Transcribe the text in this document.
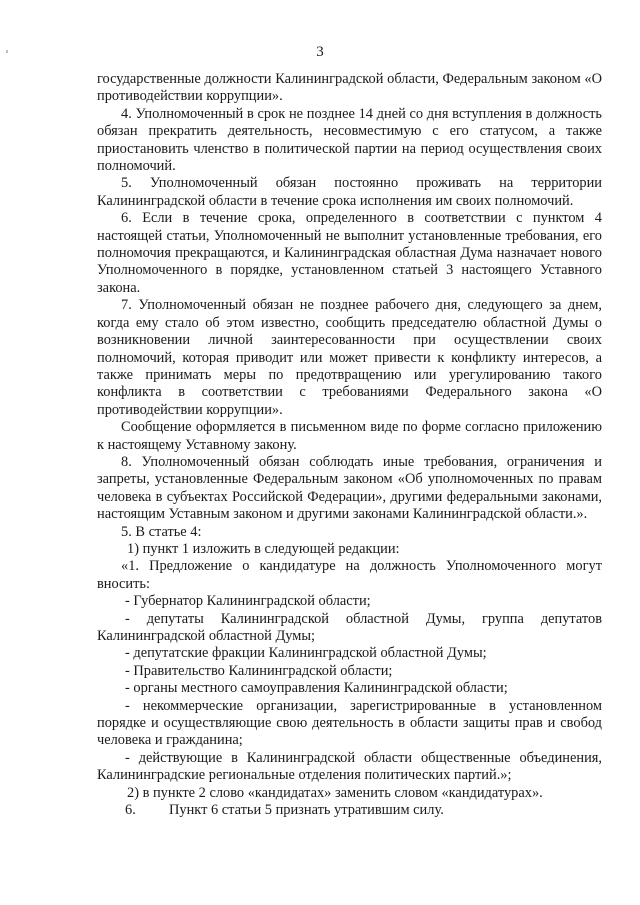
3

государственные должности Калининградской области, Федеральным законом «О противодействии коррупции».

4. Уполномоченный в срок не позднее 14 дней со дня вступления в должность обязан прекратить деятельность, несовместимую с его статусом, а также приостановить членство в политической партии на период осуществления своих полномочий.

5. Уполномоченный обязан постоянно проживать на территории Калининградской области в течение срока исполнения им своих полномочий.

6. Если в течение срока, определенного в соответствии с пунктом 4 настоящей статьи, Уполномоченный не выполнит установленные требования, его полномочия прекращаются, и Калининградская областная Дума назначает нового Уполномоченного в порядке, установленном статьей 3 настоящего Уставного закона.

7. Уполномоченный обязан не позднее рабочего дня, следующего за днем, когда ему стало об этом известно, сообщить председателю областной Думы о возникновении личной заинтересованности при осуществлении своих полномочий, которая приводит или может привести к конфликту интересов, а также принимать меры по предотвращению или урегулированию такого конфликта в соответствии с требованиями Федерального закона «О противодействии коррупции».

Сообщение оформляется в письменном виде по форме согласно приложению к настоящему Уставному закону.

8. Уполномоченный обязан соблюдать иные требования, ограничения и запреты, установленные Федеральным законом «Об уполномоченных по правам человека в субъектах Российской Федерации», другими федеральными законами, настоящим Уставным законом и другими законами Калининградской области.».

5. В статье 4:

1) пункт 1 изложить в следующей редакции:

«1. Предложение о кандидатуре на должность Уполномоченного могут вносить:

- Губернатор Калининградской области;

- депутаты Калининградской областной Думы, группа депутатов Калининградской областной Думы;

- депутатские фракции Калининградской областной Думы;

- Правительство Калининградской области;

- органы местного самоуправления Калининградской области;

- некоммерческие организации, зарегистрированные в установленном порядке и осуществляющие свою деятельность в области защиты прав и свобод человека и гражданина;

- действующие в Калининградской области общественные объединения, Калининградские региональные отделения политических партий.»;

2) в пункте 2 слово «кандидатах» заменить словом «кандидатурах».

6.	Пункт 6 статьи 5 признать утратившим силу.
